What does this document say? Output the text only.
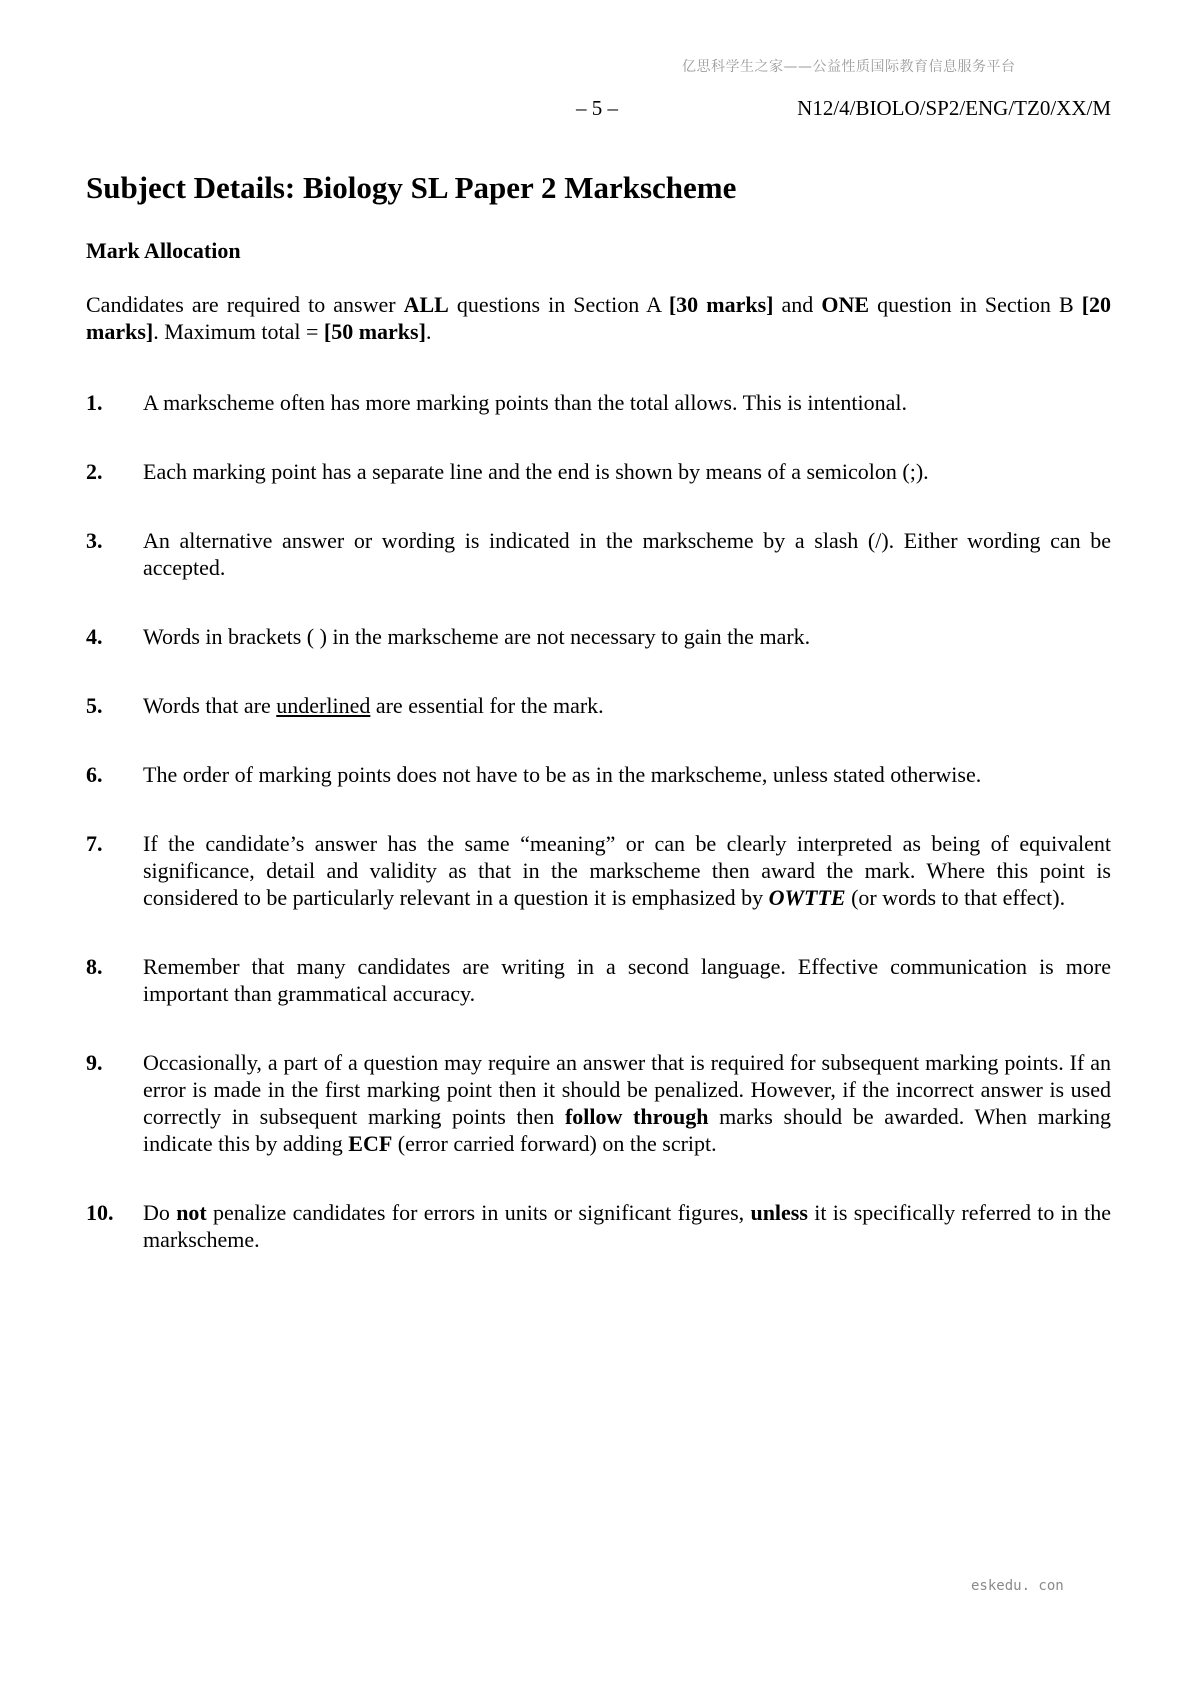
亿思科学生之家——公益性质国际教育信息服务平台
– 5 –	N12/4/BIOLO/SP2/ENG/TZ0/XX/M
Subject Details: Biology SL Paper 2 Markscheme
Mark Allocation

Candidates are required to answer ALL questions in Section A [30 marks] and ONE question in Section B [20 marks]. Maximum total = [50 marks].

1.	A markscheme often has more marking points than the total allows. This is intentional.
2.	Each marking point has a separate line and the end is shown by means of a semicolon (;).
3.	An alternative answer or wording is indicated in the markscheme by a slash (/). Either wording can be accepted.
4.	Words in brackets ( ) in the markscheme are not necessary to gain the mark.
5.	Words that are underlined are essential for the mark.
6.	The order of marking points does not have to be as in the markscheme, unless stated otherwise.
7.	If the candidate’s answer has the same “meaning” or can be clearly interpreted as being of equivalent significance, detail and validity as that in the markscheme then award the mark. Where this point is considered to be particularly relevant in a question it is emphasized by OWTTE (or words to that effect).
8.	Remember that many candidates are writing in a second language. Effective communication is more important than grammatical accuracy.
9.	Occasionally, a part of a question may require an answer that is required for subsequent marking points. If an error is made in the first marking point then it should be penalized. However, if the incorrect answer is used correctly in subsequent marking points then follow through marks should be awarded. When marking indicate this by adding ECF (error carried forward) on the script.
10.	Do not penalize candidates for errors in units or significant figures, unless it is specifically referred to in the markscheme.
eskedu. con
